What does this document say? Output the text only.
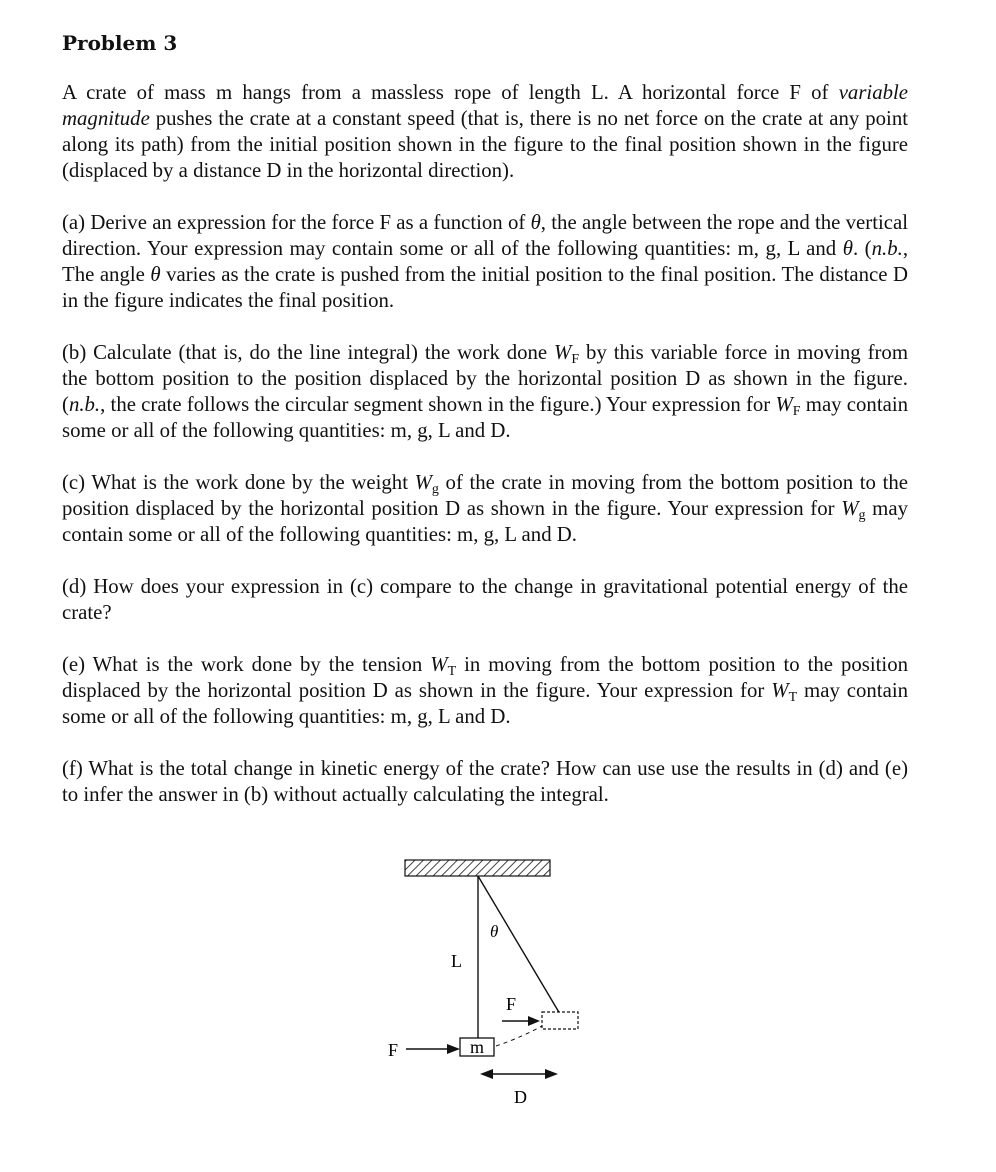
Problem 3

A crate of mass m hangs from a massless rope of length L. A horizontal force F of variable magnitude pushes the crate at a constant speed (that is, there is no net force on the crate at any point along its path) from the initial position shown in the figure to the final position shown in the figure (displaced by a distance D in the horizontal direction).

(a) Derive an expression for the force F as a function of θ, the angle between the rope and the vertical direction. Your expression may contain some or all of the following quantities: m, g, L and θ. (n.b., The angle θ varies as the crate is pushed from the initial position to the final position. The distance D in the figure indicates the final position.

(b) Calculate (that is, do the line integral) the work done $W_F$ by this variable force in moving from the bottom position to the position displaced by the horizontal position D as shown in the figure. (n.b., the crate follows the circular segment shown in the figure.) Your expression for $W_F$ may contain some or all of the following quantities: m, g, L and D.

(c) What is the work done by the weight $W_g$ of the crate in moving from the bottom position to the position displaced by the horizontal position D as shown in the figure. Your expression for $W_g$ may contain some or all of the following quantities: m, g, L and D.

(d) How does your expression in (c) compare to the change in gravitational potential energy of the crate?

(e) What is the work done by the tension $W_T$ in moving from the bottom position to the position displaced by the horizontal position D as shown in the figure. Your expression for $W_T$ may contain some or all of the following quantities: m, g, L and D.

(f) What is the total change in kinetic energy of the crate? How can use use the results in (d) and (e) to infer the answer in (b) without actually calculating the integral.

m
θ
L
F
F
D
